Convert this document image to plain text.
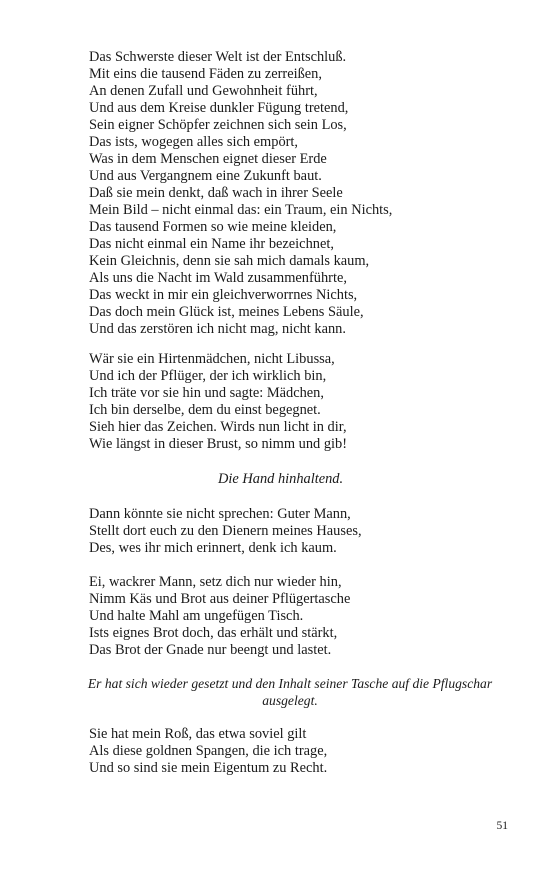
Das Schwerste dieser Welt ist der Entschluß.
Mit eins die tausend Fäden zu zerreißen,
An denen Zufall und Gewohnheit führt,
Und aus dem Kreise dunkler Fügung tretend,
Sein eigner Schöpfer zeichnen sich sein Los,
Das ists, wogegen alles sich empört,
Was in dem Menschen eignet dieser Erde
Und aus Vergangnem eine Zukunft baut.
Daß sie mein denkt, daß wach in ihrer Seele
Mein Bild – nicht einmal das: ein Traum, ein Nichts,
Das tausend Formen so wie meine kleiden,
Das nicht einmal ein Name ihr bezeichnet,
Kein Gleichnis, denn sie sah mich damals kaum,
Als uns die Nacht im Wald zusammenführte,
Das weckt in mir ein gleichverworrnes Nichts,
Das doch mein Glück ist, meines Lebens Säule,
Und das zerstören ich nicht mag, nicht kann.
Wär sie ein Hirtenmädchen, nicht Libussa,
Und ich der Pflüger, der ich wirklich bin,
Ich träte vor sie hin und sagte: Mädchen,
Ich bin derselbe, dem du einst begegnet.
Sieh hier das Zeichen. Wirds nun licht in dir,
Wie längst in dieser Brust, so nimm und gib!
Die Hand hinhaltend.
Dann könnte sie nicht sprechen: Guter Mann,
Stellt dort euch zu den Dienern meines Hauses,
Des, wes ihr mich erinnert, denk ich kaum.
Ei, wackrer Mann, setz dich nur wieder hin,
Nimm Käs und Brot aus deiner Pflügertasche
Und halte Mahl am ungefügen Tisch.
Ists eignes Brot doch, das erhält und stärkt,
Das Brot der Gnade nur beengt und lastet.
Er hat sich wieder gesetzt und den Inhalt seiner Tasche auf die Pflugschar
ausgelegt.
Sie hat mein Roß, das etwa soviel gilt
Als diese goldnen Spangen, die ich trage,
Und so sind sie mein Eigentum zu Recht.
51
